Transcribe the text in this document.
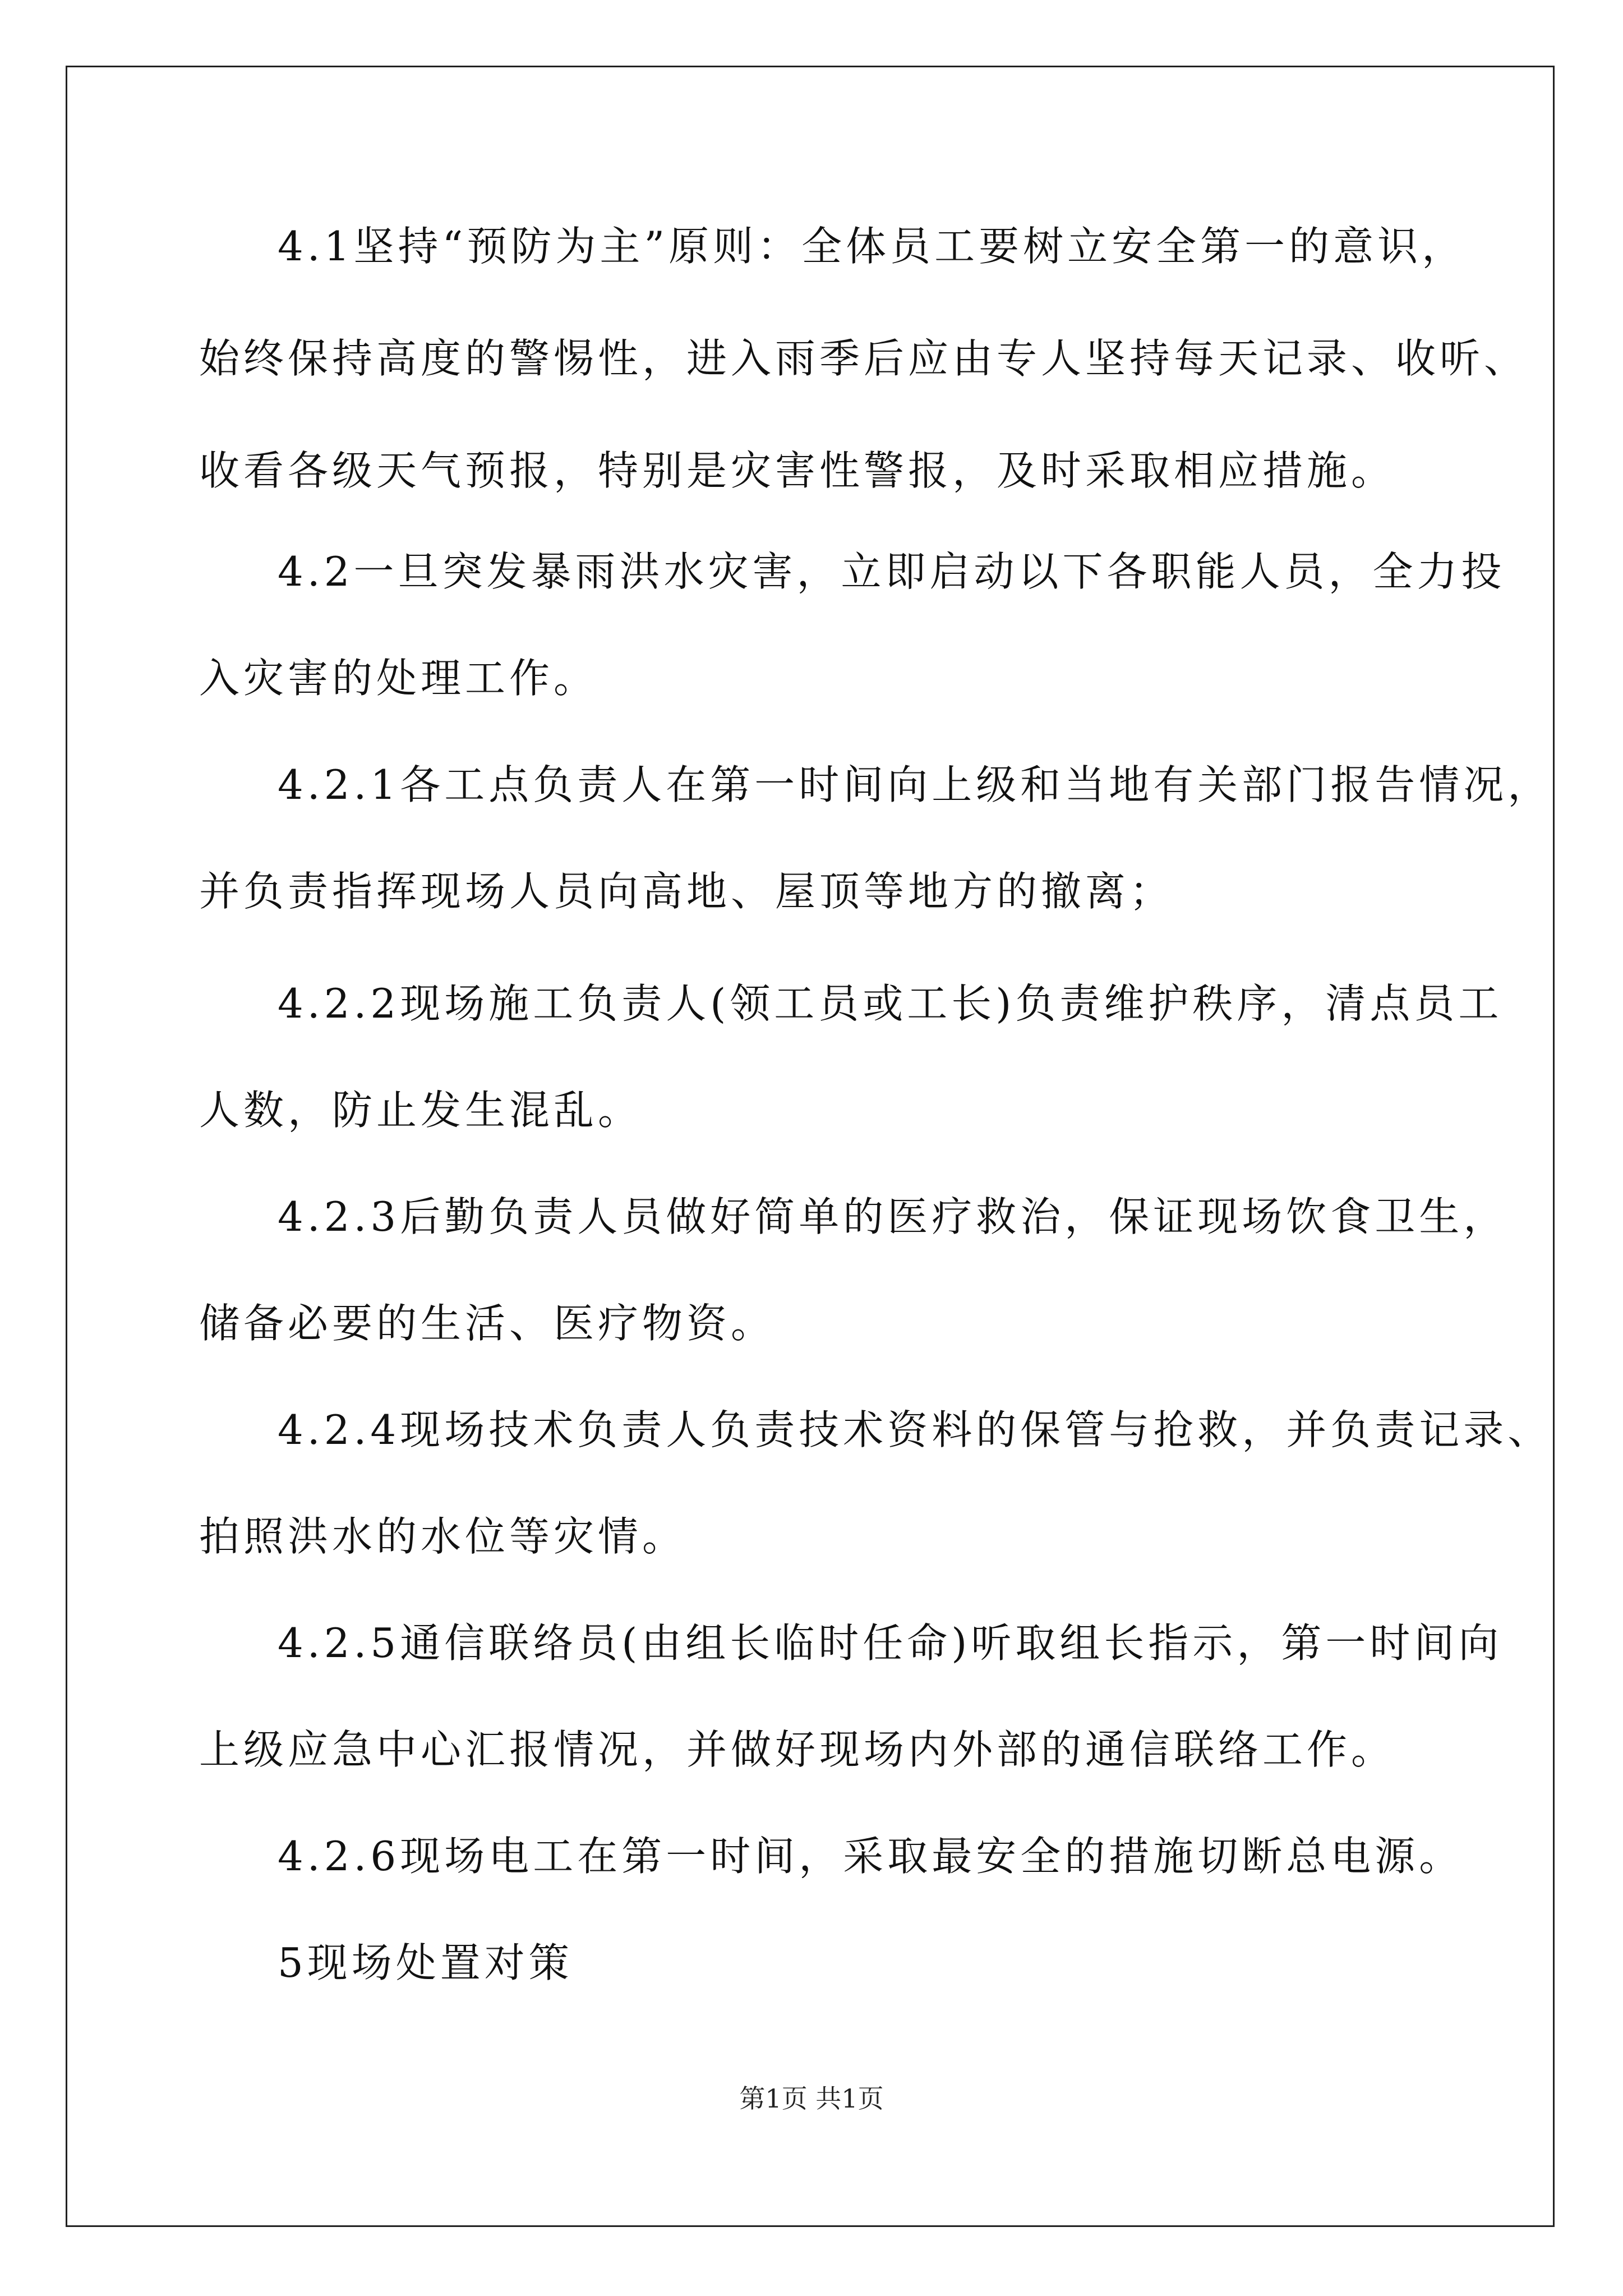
4.1坚持“预防为主”原则：全体员工要树立安全第一的意识，
始终保持高度的警惕性，进入雨季后应由专人坚持每天记录、收听、
收看各级天气预报，特别是灾害性警报，及时采取相应措施。
4.2一旦突发暴雨洪水灾害，立即启动以下各职能人员，全力投
入灾害的处理工作。
4.2.1各工点负责人在第一时间向上级和当地有关部门报告情况，
并负责指挥现场人员向高地、屋顶等地方的撤离；
4.2.2现场施工负责人(领工员或工长)负责维护秩序，清点员工
人数，防止发生混乱。
4.2.3后勤负责人员做好简单的医疗救治，保证现场饮食卫生，
储备必要的生活、医疗物资。
4.2.4现场技术负责人负责技术资料的保管与抢救，并负责记录、
拍照洪水的水位等灾情。
4.2.5通信联络员(由组长临时任命)听取组长指示，第一时间向
上级应急中心汇报情况，并做好现场内外部的通信联络工作。
4.2.6现场电工在第一时间，采取最安全的措施切断总电源。
5现场处置对策
第1页 共1页
